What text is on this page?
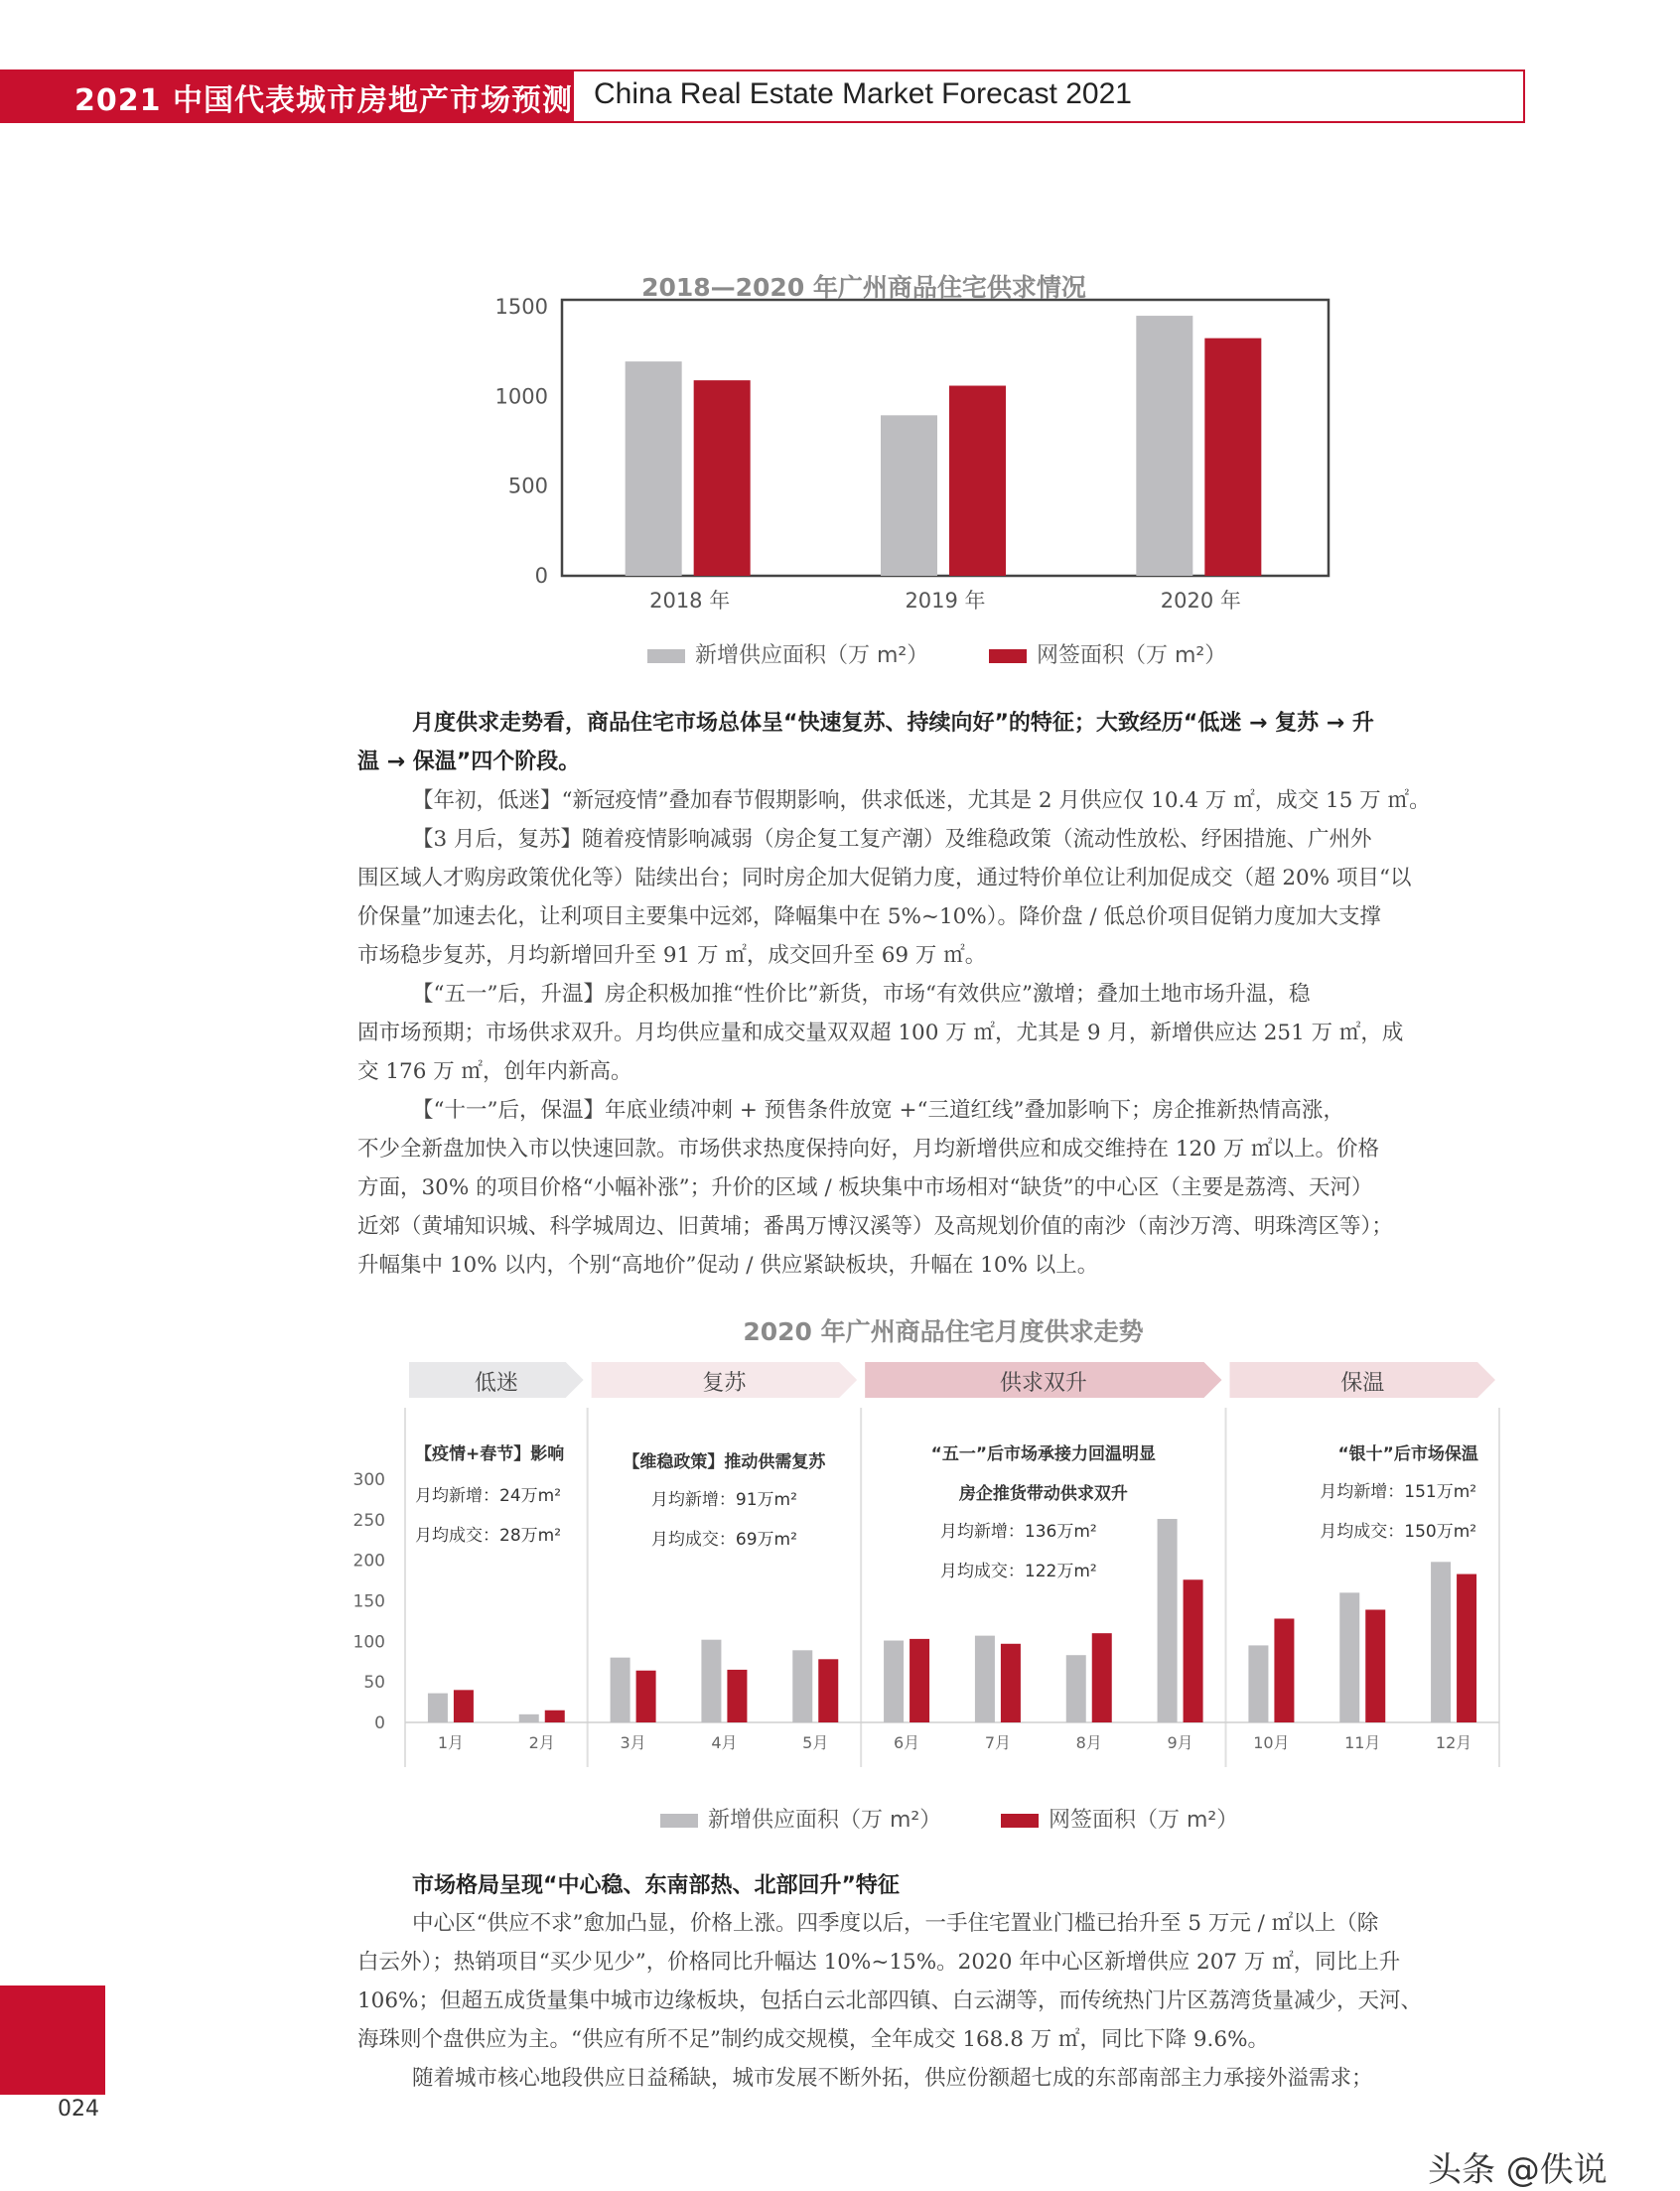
2021 中国代表城市房地产市场预测 China Real Estate Market Forecast 2021
2018—2020 年广州商品住宅供求情况
0
500
1000
1500
2018 年	2019 年	2020 年
新增供应面积（万 m²）	网签面积（万 m²）
月度供求走势看，商品住宅市场总体呈“快速复苏、持续向好”的特征；大致经历“低迷 → 复苏 → 升
温 → 保温”四个阶段。
【年初，低迷】“新冠疫情”叠加春节假期影响，供求低迷，尤其是 2 月供应仅 10.4 万 ㎡，成交 15 万 ㎡。
【3 月后，复苏】随着疫情影响减弱（房企复工复产潮）及维稳政策（流动性放松、纾困措施、广州外
围区域人才购房政策优化等）陆续出台；同时房企加大促销力度，通过特价单位让利加促成交（超 20% 项目“以
价保量”加速去化，让利项目主要集中远郊，降幅集中在 5%~10%）。降价盘 / 低总价项目促销力度加大支撑
市场稳步复苏，月均新增回升至 91 万 ㎡，成交回升至 69 万 ㎡。
【“五一”后，升温】房企积极加推“性价比”新货，市场“有效供应”激增；叠加土地市场升温，稳
固市场预期；市场供求双升。月均供应量和成交量双双超 100 万 ㎡，尤其是 9 月，新增供应达 251 万 ㎡，成
交 176 万 ㎡，创年内新高。
【“十一”后，保温】年底业绩冲刺 + 预售条件放宽 +“三道红线”叠加影响下；房企推新热情高涨，
不少全新盘加快入市以快速回款。市场供求热度保持向好，月均新增供应和成交维持在 120 万 ㎡以上。价格
方面，30% 的项目价格“小幅补涨”；升价的区域 / 板块集中市场相对“缺货”的中心区（主要是荔湾、天河）
近郊（黄埔知识城、科学城周边、旧黄埔；番禺万博汉溪等）及高规划价值的南沙（南沙万湾、明珠湾区等）；
升幅集中 10% 以内，个别“高地价”促动 / 供应紧缺板块，升幅在 10% 以上。
2020 年广州商品住宅月度供求走势
低迷	复苏	供求双升	保温
0
50
100
150
200
250
300
1月	2月	3月	4月	5月	6月	7月	8月	9月	10月	11月	12月
【疫情+春节】影响
月均新增：24万m²
月均成交：28万m²
【维稳政策】推动供需复苏
月均新增：91万m²
月均成交：69万m²
“五一”后市场承接力回温明显
房企推货带动供求双升
月均新增：136万m²
月均成交：122万m²
“银十”后市场保温
月均新增：151万m²
月均成交：150万m²
新增供应面积（万 m²）	网签面积（万 m²）
市场格局呈现“中心稳、东南部热、北部回升”特征
中心区“供应不求”愈加凸显，价格上涨。四季度以后，一手住宅置业门槛已抬升至 5 万元 / ㎡以上（除
白云外）；热销项目“买少见少”，价格同比升幅达 10%~15%。2020 年中心区新增供应 207 万 ㎡，同比上升
106%；但超五成货量集中城市边缘板块，包括白云北部四镇、白云湖等，而传统热门片区荔湾货量减少，天河、
海珠则个盘供应为主。“供应有所不足”制约成交规模，全年成交 168.8 万 ㎡，同比下降 9.6%。
随着城市核心地段供应日益稀缺，城市发展不断外拓，供应份额超七成的东部南部主力承接外溢需求；
024
头条 @佚说
